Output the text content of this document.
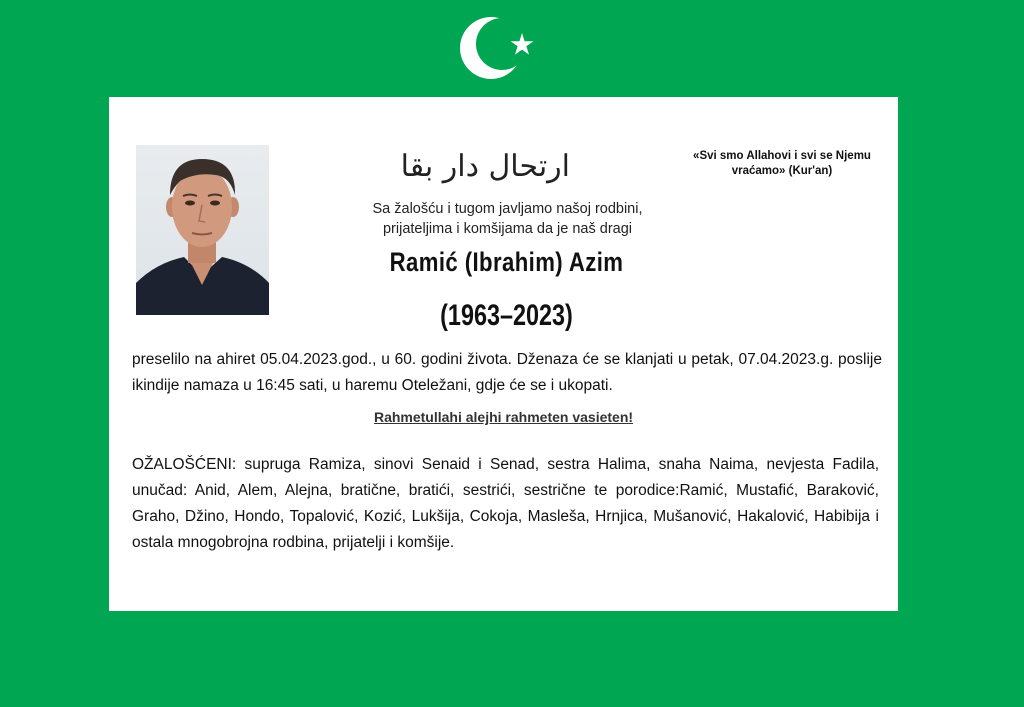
ارتحال دار بقا	«Svi smo Allahovi i svi se Njemu vraćamo» (Kur'an)
Sa žalošću i tugom javljamo našoj rodbini,
prijateljima i komšijama da je naš dragi
Ramić (Ibrahim) Azim
(1963–2023)
preselilo na ahiret 05.04.2023.god., u 60. godini života. Dženaza će se klanjati u petak, 07.04.2023.g. poslije ikindije namaza u 16:45 sati, u haremu Oteležani, gdje će se i ukopati.
Rahmetullahi alejhi rahmeten vasieten!
OŽALOŠĆENI: supruga Ramiza, sinovi Senaid i Senad, sestra Halima, snaha Naima, nevjesta Fadila, unučad: Anid, Alem, Alejna, bratične, bratići, sestrići, sestrične te porodice:Ramić, Mustafić, Baraković, Graho, Džino, Hondo, Topalović, Kozić, Lukšija, Cokoja, Masleša, Hrnjica, Mušanović, Hakalović, Habibija i ostala mnogobrojna rodbina, prijatelji i komšije.
